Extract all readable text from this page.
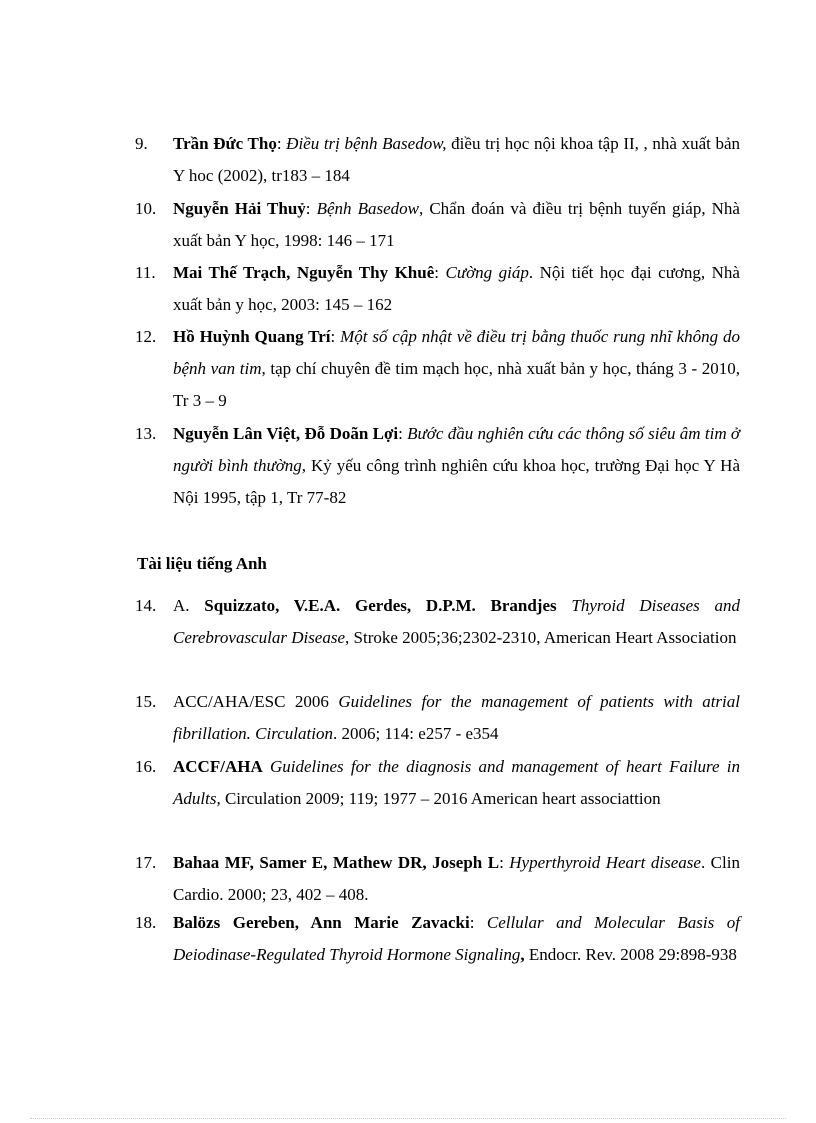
9.	Trần Đức Thọ: Điều trị bệnh Basedow, điều trị học nội khoa tập II, , nhà xuất bản Y hoc (2002), tr183 – 184
10. Nguyễn Hải Thuỷ: Bệnh Basedow, Chẩn đoán và điều trị bệnh tuyến giáp, Nhà xuất bản Y học, 1998: 146 – 171
11.	Mai Thế Trạch, Nguyễn Thy Khuê: Cường giáp. Nội tiết học đại cương, Nhà xuất bản y học, 2003: 145 – 162
12. Hồ Huỳnh Quang Trí: Một số cập nhật về điều trị bằng thuốc rung nhĩ không do bệnh van tim, tạp chí chuyên đề tim mạch học, nhà xuất bản y học, tháng 3 - 2010, Tr 3 – 9
13. Nguyễn Lân Việt, Đỗ Doãn Lợi: Bước đầu nghiên cứu các thông số siêu âm tim ở người bình thường, Kỷ yếu công trình nghiên cứu khoa học, trường Đại học Y Hà Nội 1995, tập 1, Tr 77-82
Tài liệu tiếng Anh
14. A. Squizzato, V.E.A. Gerdes, D.P.M. Brandjes Thyroid Diseases and Cerebrovascular Disease, Stroke 2005;36;2302-2310, American Heart Association
15. ACC/AHA/ESC 2006 Guidelines for the management of patients with atrial fibrillation. Circulation. 2006; 114: e257 - e354
16. ACCF/AHA Guidelines for the diagnosis and management of heart Failure in Adults, Circulation 2009; 119; 1977 – 2016 American heart associattion
17. Bahaa MF, Samer E, Mathew DR, Joseph L: Hyperthyroid Heart disease. Clin Cardio. 2000; 23, 402 – 408.
18. Balözs Gereben, Ann Marie Zavacki: Cellular and Molecular Basis of Deiodinase-Regulated Thyroid Hormone Signaling, Endocr. Rev. 2008 29:898-938
